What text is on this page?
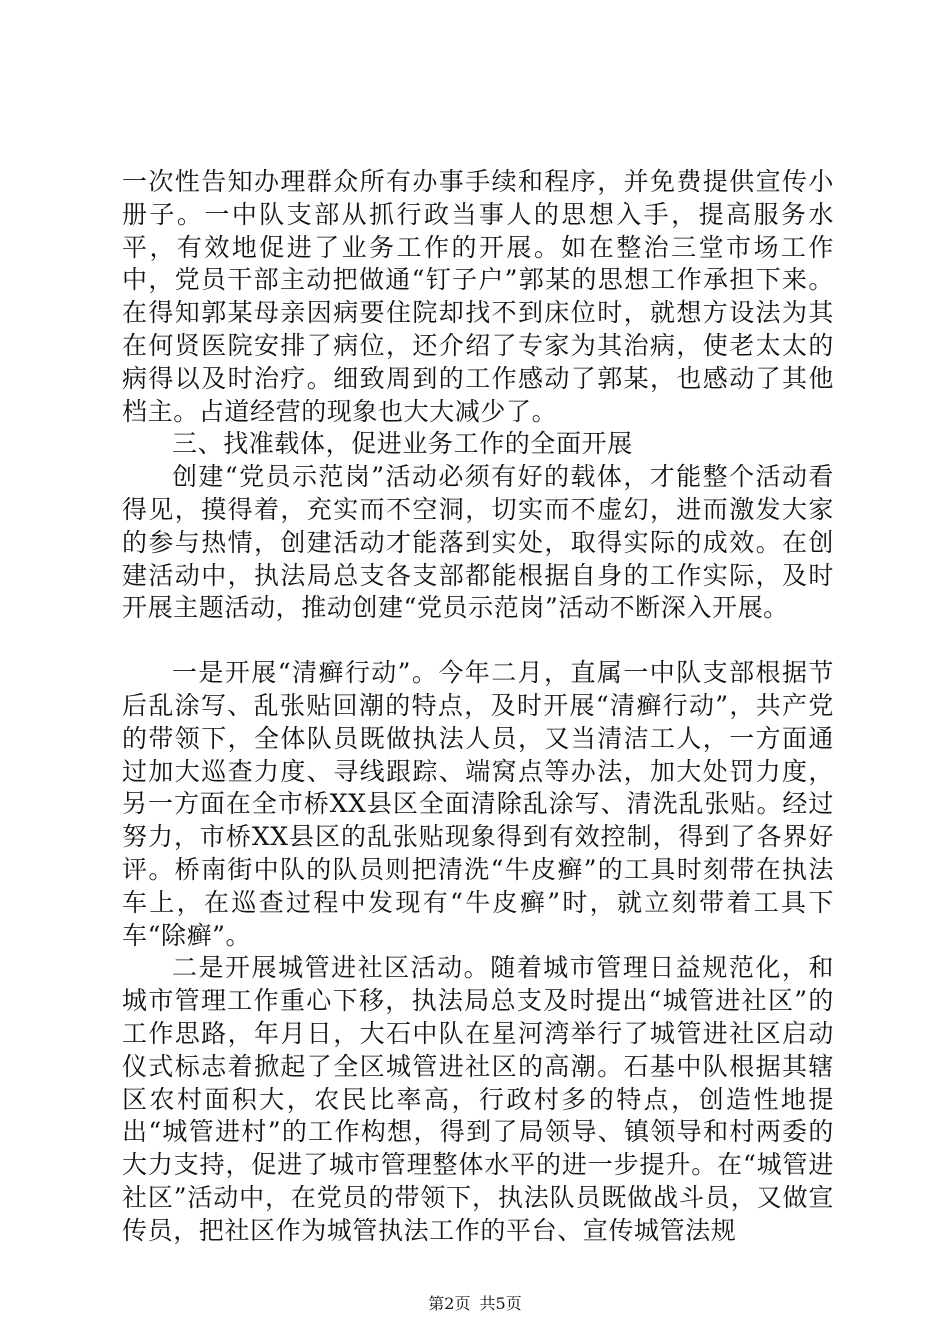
一次性告知办理群众所有办事手续和程序，并免费提供宣传小册子。一中队支部从抓行政当事人的思想入手，提高服务水平，有效地促进了业务工作的开展。如在整治三堂市场工作中，党员干部主动把做通“钉子户”郭某的思想工作承担下来。在得知郭某母亲因病要住院却找不到床位时，就想方设法为其在何贤医院安排了病位，还介绍了专家为其治病，使老太太的病得以及时治疗。细致周到的工作感动了郭某，也感动了其他档主。占道经营的现象也大大减少了。

三、找准载体，促进业务工作的全面开展

创建“党员示范岗”活动必须有好的载体，才能整个活动看得见，摸得着，充实而不空洞，切实而不虚幻，进而激发大家的参与热情，创建活动才能落到实处，取得实际的成效。在创建活动中，执法局总支各支部都能根据自身的工作实际，及时开展主题活动，推动创建“党员示范岗”活动不断深入开展。

一是开展“清癣行动”。今年二月，直属一中队支部根据节后乱涂写、乱张贴回潮的特点，及时开展“清癣行动”，共产党的带领下，全体队员既做执法人员，又当清洁工人，一方面通过加大巡查力度、寻线跟踪、端窝点等办法，加大处罚力度，另一方面在全市桥XX县区全面清除乱涂写、清洗乱张贴。经过努力，市桥XX县区的乱张贴现象得到有效控制，得到了各界好评。桥南街中队的队员则把清洗“牛皮癣”的工具时刻带在执法车上，在巡查过程中发现有“牛皮癣”时，就立刻带着工具下车“除癣”。

二是开展城管进社区活动。随着城市管理日益规范化，和城市管理工作重心下移，执法局总支及时提出“城管进社区”的工作思路，年月日，大石中队在星河湾举行了城管进社区启动仪式标志着掀起了全区城管进社区的高潮。石基中队根据其辖区农村面积大，农民比率高，行政村多的特点，创造性地提出“城管进村”的工作构想，得到了局领导、镇领导和村两委的大力支持，促进了城市管理整体水平的进一步提升。在“城管进社区”活动中，在党员的带领下，执法队员既做战斗员，又做宣传员，把社区作为城管执法工作的平台、宣传城管法规

第2页 共5页
